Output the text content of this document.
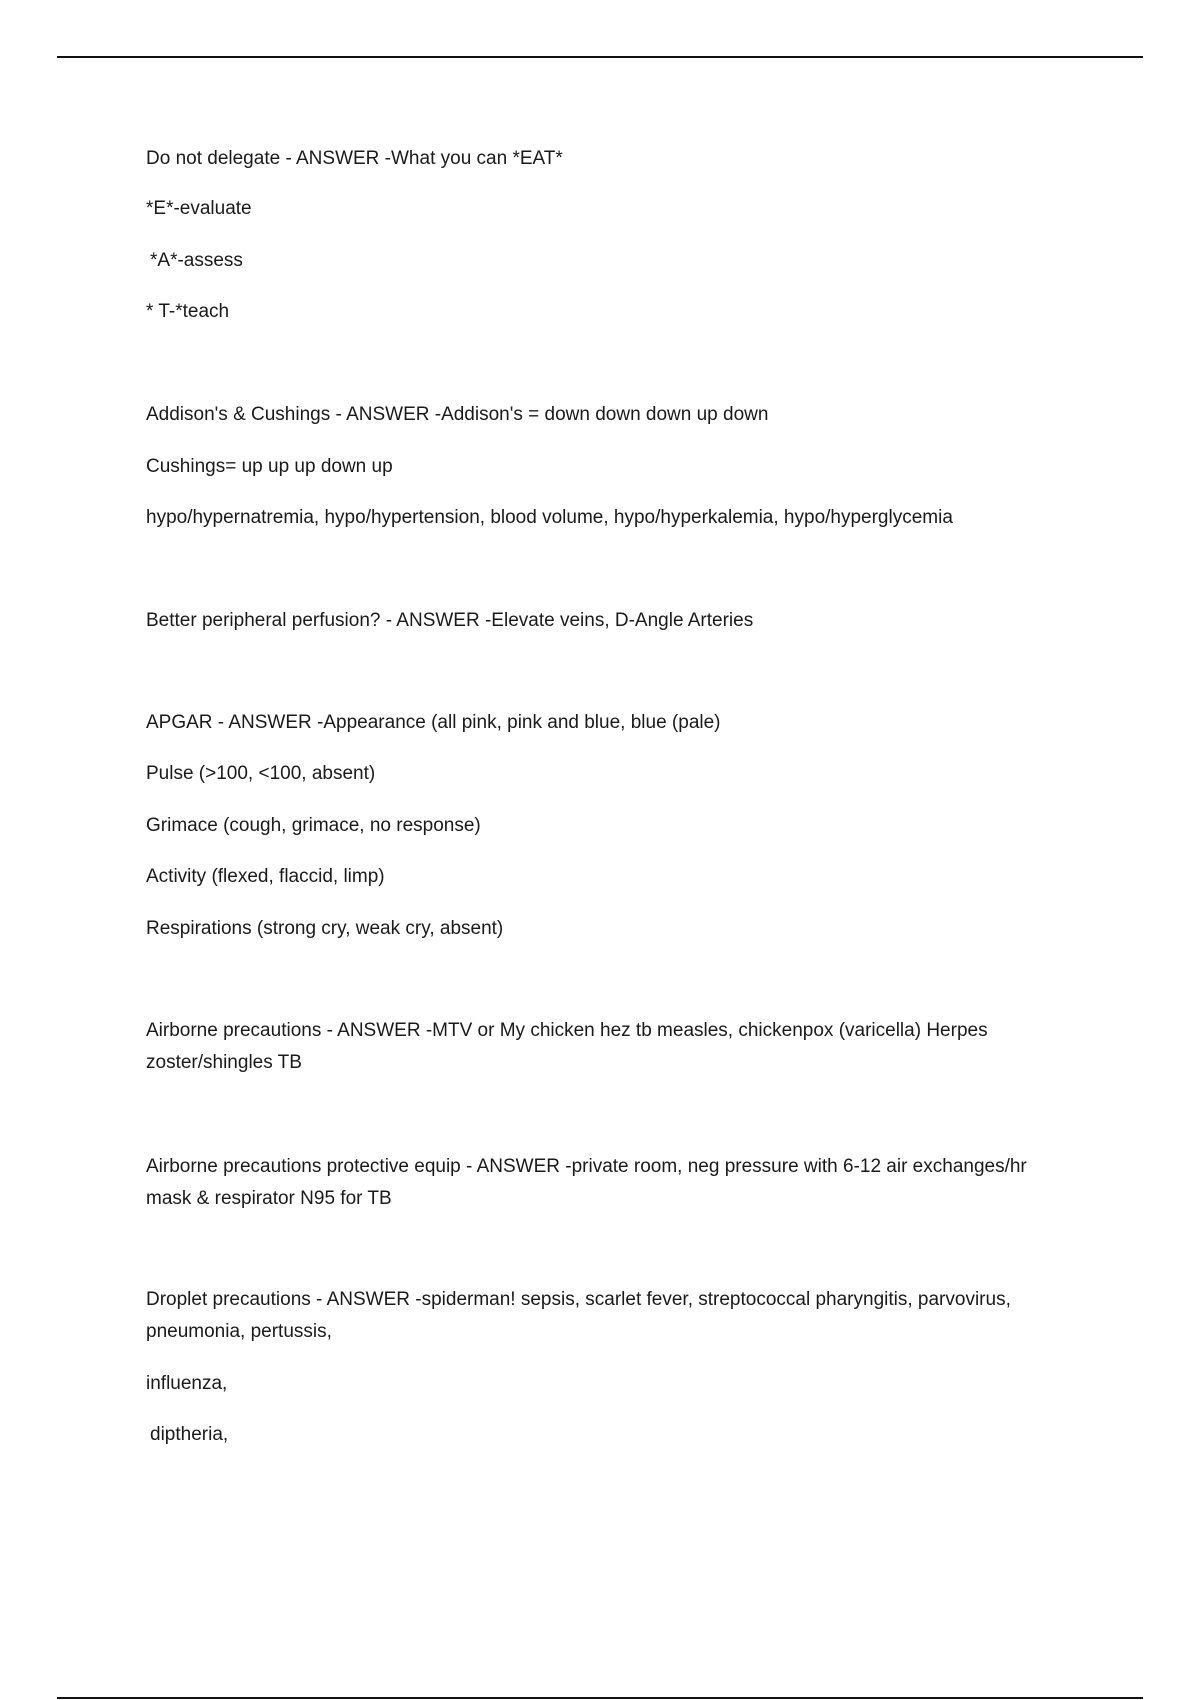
Do not delegate - ANSWER -What you can *EAT*
*E*-evaluate
*A*-assess
* T-*teach
Addison's & Cushings - ANSWER -Addison's = down down down up down
Cushings= up up up down up
hypo/hypernatremia, hypo/hypertension, blood volume, hypo/hyperkalemia, hypo/hyperglycemia
Better peripheral perfusion? - ANSWER -Elevate veins, D-Angle Arteries
APGAR - ANSWER -Appearance (all pink, pink and blue, blue (pale)
Pulse (>100, <100, absent)
Grimace (cough, grimace, no response)
Activity (flexed, flaccid, limp)
Respirations (strong cry, weak cry, absent)
Airborne precautions - ANSWER -MTV or My chicken hez tb measles, chickenpox (varicella) Herpes zoster/shingles TB
Airborne precautions protective equip - ANSWER -private room, neg pressure with 6-12 air exchanges/hr mask & respirator N95 for TB
Droplet precautions - ANSWER -spiderman! sepsis, scarlet fever, streptococcal pharyngitis, parvovirus, pneumonia, pertussis,
influenza,
diptheria,
